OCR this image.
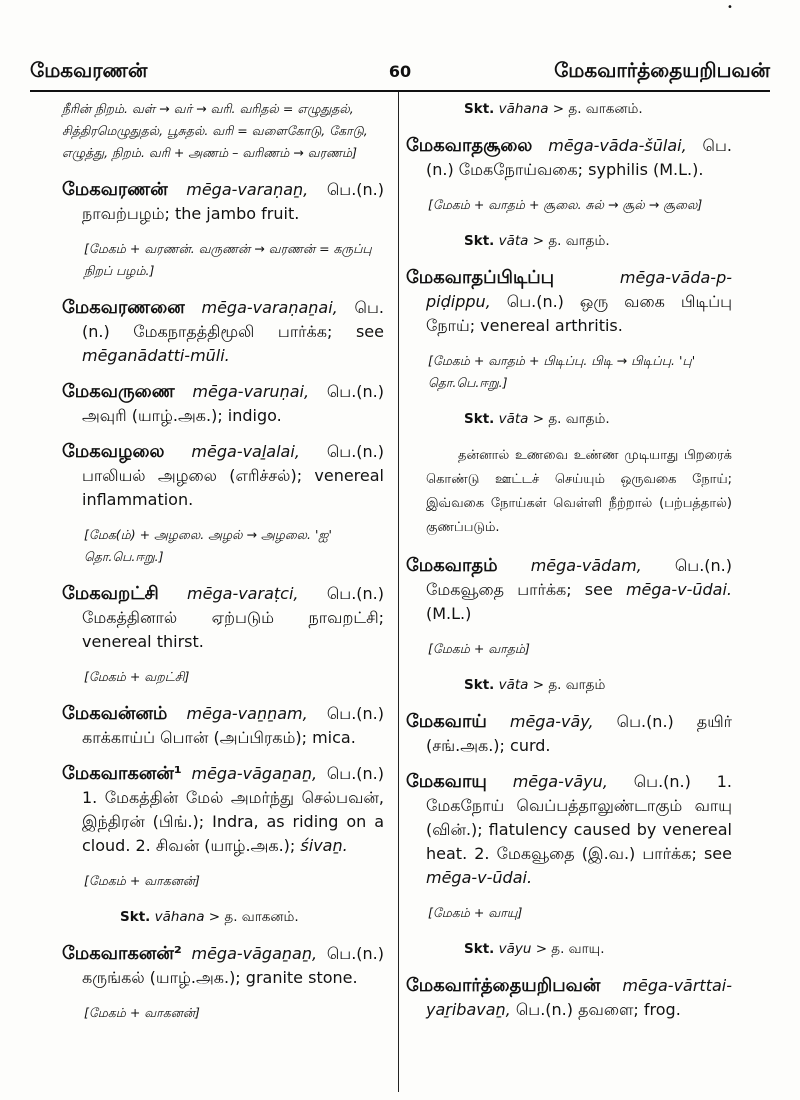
•
மேகவரணன்	60	மேகவார்த்தையறிபவன்
நீரின் நிறம். வள் → வர் → வரி. வரிதல் = எழுதுதல், சித்திரமெழுதுதல், பூசுதல். வரி = வளைகோடு, கோடு, எழுத்து, நிறம். வரி + அணம் – வரிணம் → வரணம்]
மேகவரணன் mēga-varaṇaṉ, பெ.(n.) நாவற்பழம்; the jambo fruit.
[மேகம் + வரணன். வருணன் → வரணன் = கருப்பு நிறப் பழம்.]
மேகவரணனை mēga-varaṇaṉai, பெ.(n.) மேகநாதத்திமூலி பார்க்க; see mēganādatti-mūli.
மேகவருணை mēga-varuṇai, பெ.(n.) அவுரி (யாழ்.அக.); indigo.
மேகவழலை mēga-vaḻalai, பெ.(n.) பாலியல் அழலை (எரிச்சல்); venereal inflammation.
[மேக(ம்) + அழலை. அழல் → அழலை. 'ஐ' தொ.பெ.ஈறு.]
மேகவறட்சி mēga-varaṭci, பெ.(n.) மேகத்தினால் ஏற்படும் நாவறட்சி; venereal thirst.
[மேகம் + வறட்சி]
மேகவன்னம் mēga-vaṉṉam, பெ.(n.) காக்காய்ப் பொன் (அப்பிரகம்); mica.
மேகவாகனன்¹ mēga-vāgaṉaṉ, பெ.(n.) 1. மேகத்தின் மேல் அமர்ந்து செல்பவன், இந்திரன் (பிங்.); Indra, as riding on a cloud. 2. சிவன் (யாழ்.அக.); śivaṉ.
[மேகம் + வாகனன்]
Skt. vāhana > த. வாகனம்.
மேகவாகனன்² mēga-vāgaṉaṉ, பெ.(n.) கருங்கல் (யாழ்.அக.); granite stone.
[மேகம் + வாகனன்]
Skt. vāhana > த. வாகனம்.
மேகவாதசூலை mēga-vāda-šūlai, பெ.(n.) மேகநோய்வகை; syphilis (M.L.).
[மேகம் + வாதம் + சூலை. சுல் → சூல் → சூலை]
Skt. vāta > த. வாதம்.
மேகவாதப்பிடிப்பு	mēga-vāda-p-piḍippu, பெ.(n.) ஒரு வகை பிடிப்பு நோய்; venereal arthritis.
[மேகம் + வாதம் + பிடிப்பு. பிடி → பிடிப்பு. 'பு' தொ.பெ.ஈறு.]
Skt. vāta > த. வாதம்.
தன்னால் உணவை உண்ண முடியாது பிறரைக் கொண்டு ஊட்டச் செய்யும் ஒருவகை நோய்; இவ்வகை நோய்கள் வெள்ளி நீற்றால் (பற்பத்தால்) குணப்படும்.
மேகவாதம் mēga-vādam, பெ.(n.) மேகவூதை பார்க்க; see mēga-v-ūdai.(M.L.)
[மேகம் + வாதம்]
Skt. vāta > த. வாதம்
மேகவாய் mēga-vāy, பெ.(n.) தயிர் (சங்.அக.); curd.
மேகவாயு mēga-vāyu, பெ.(n.) 1. மேகநோய் வெப்பத்தாலுண்டாகும் வாயு (வின்.); flatulency caused by venereal heat. 2. மேகவூதை (இ.வ.) பார்க்க; see mēga-v-ūdai.
[மேகம் + வாயு]
Skt. vāyu > த. வாயு.
மேகவார்த்தையறிபவன் mēga-vārttai-yaṟibavaṉ, பெ.(n.) தவளை; frog.
